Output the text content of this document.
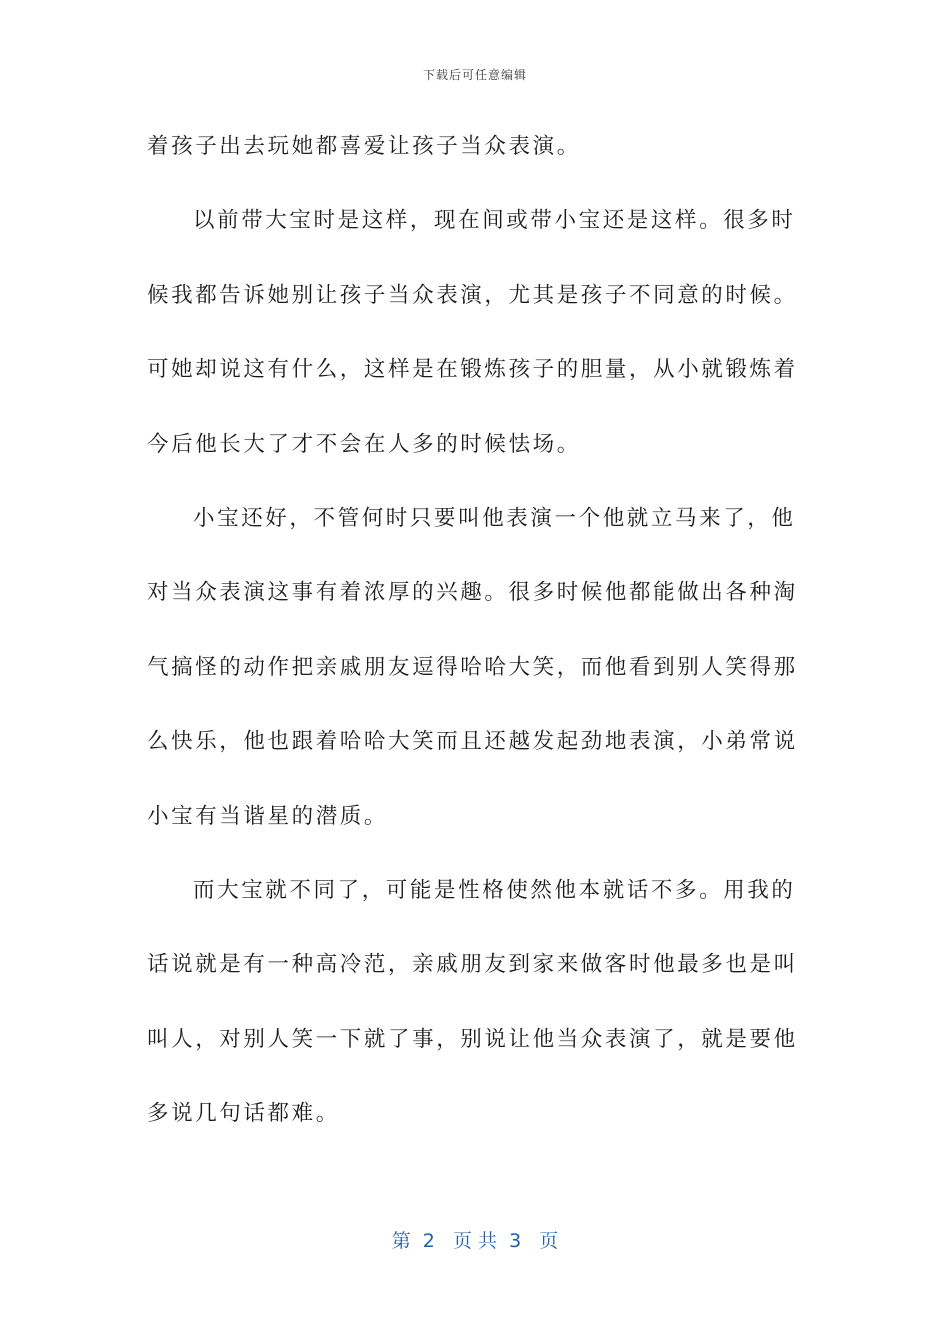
下载后可任意编辑
着孩子出去玩她都喜爱让孩子当众表演。
以前带大宝时是这样，现在间或带小宝还是这样。很多时
候我都告诉她别让孩子当众表演，尤其是孩子不同意的时候。
可她却说这有什么，这样是在锻炼孩子的胆量，从小就锻炼着
今后他长大了才不会在人多的时候怯场。
小宝还好，不管何时只要叫他表演一个他就立马来了，他
对当众表演这事有着浓厚的兴趣。很多时候他都能做出各种淘
气搞怪的动作把亲戚朋友逗得哈哈大笑，而他看到别人笑得那
么快乐，他也跟着哈哈大笑而且还越发起劲地表演，小弟常说
小宝有当谐星的潜质。
而大宝就不同了，可能是性格使然他本就话不多。用我的
话说就是有一种高冷范，亲戚朋友到家来做客时他最多也是叫
叫人，对别人笑一下就了事，别说让他当众表演了，就是要他
多说几句话都难。
第  2   页 共  3   页
